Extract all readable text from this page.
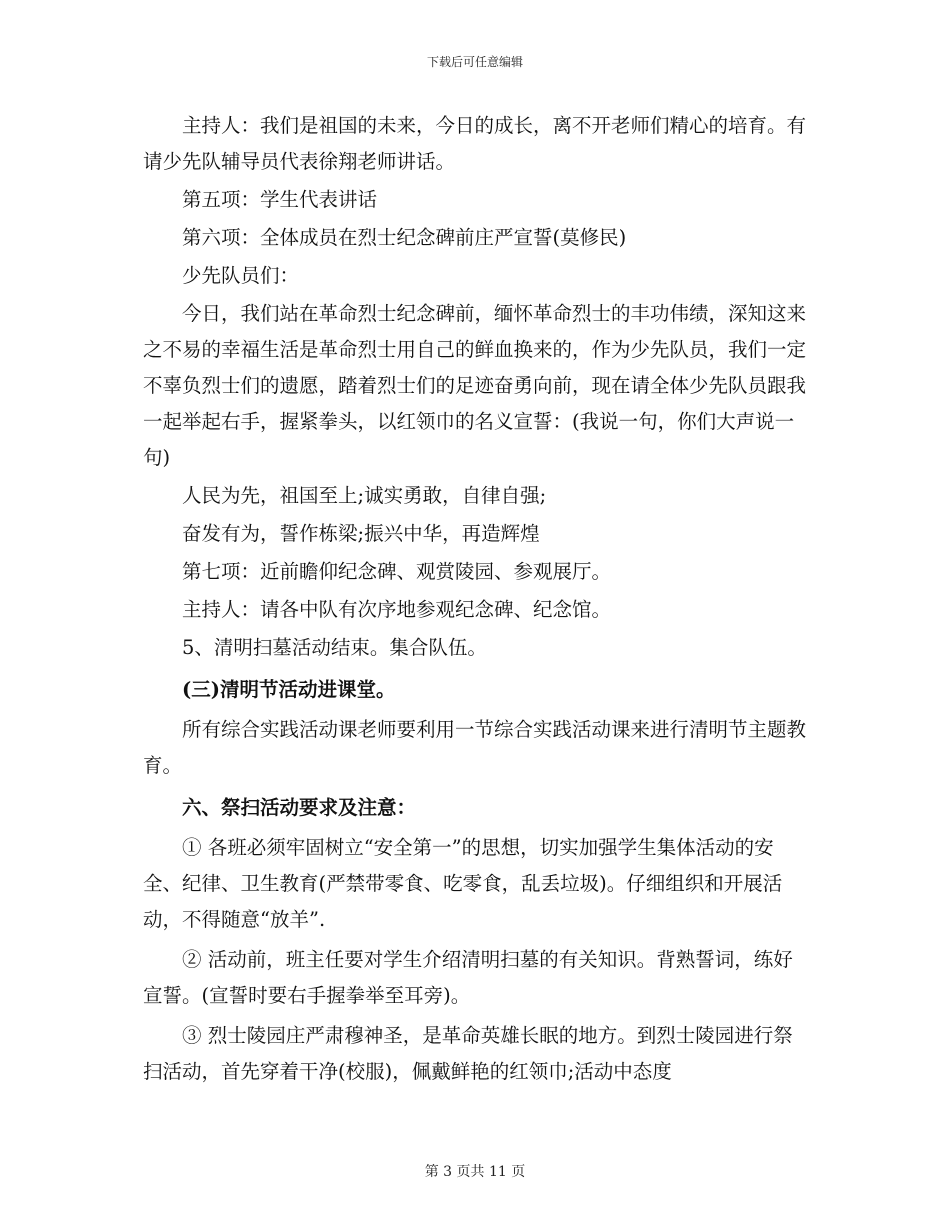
下载后可任意编辑

主持人：我们是祖国的未来，今日的成长，离不开老师们精心的培育。有请少先队辅导员代表徐翔老师讲话。

第五项：学生代表讲话

第六项：全体成员在烈士纪念碑前庄严宣誓(莫修民)

少先队员们：

今日，我们站在革命烈士纪念碑前，缅怀革命烈士的丰功伟绩，深知这来之不易的幸福生活是革命烈士用自己的鲜血换来的，作为少先队员，我们一定不辜负烈士们的遗愿，踏着烈士们的足迹奋勇向前，现在请全体少先队员跟我一起举起右手，握紧拳头，以红领巾的名义宣誓：(我说一句，你们大声说一句)

人民为先，祖国至上;诚实勇敢，自律自强;

奋发有为，誓作栋梁;振兴中华，再造辉煌

第七项：近前瞻仰纪念碑、观赏陵园、参观展厅。

主持人：请各中队有次序地参观纪念碑、纪念馆。

5、清明扫墓活动结束。集合队伍。

(三)清明节活动进课堂。

所有综合实践活动课老师要利用一节综合实践活动课来进行清明节主题教育。

六、祭扫活动要求及注意：

① 各班必须牢固树立“安全第一”的思想，切实加强学生集体活动的安全、纪律、卫生教育(严禁带零食、吃零食，乱丢垃圾)。仔细组织和开展活动，不得随意“放羊”.

② 活动前，班主任要对学生介绍清明扫墓的有关知识。背熟誓词，练好宣誓。(宣誓时要右手握拳举至耳旁)。

③ 烈士陵园庄严肃穆神圣，是革命英雄长眠的地方。到烈士陵园进行祭扫活动，首先穿着干净(校服)，佩戴鲜艳的红领巾;活动中态度

第 3 页共 11 页
